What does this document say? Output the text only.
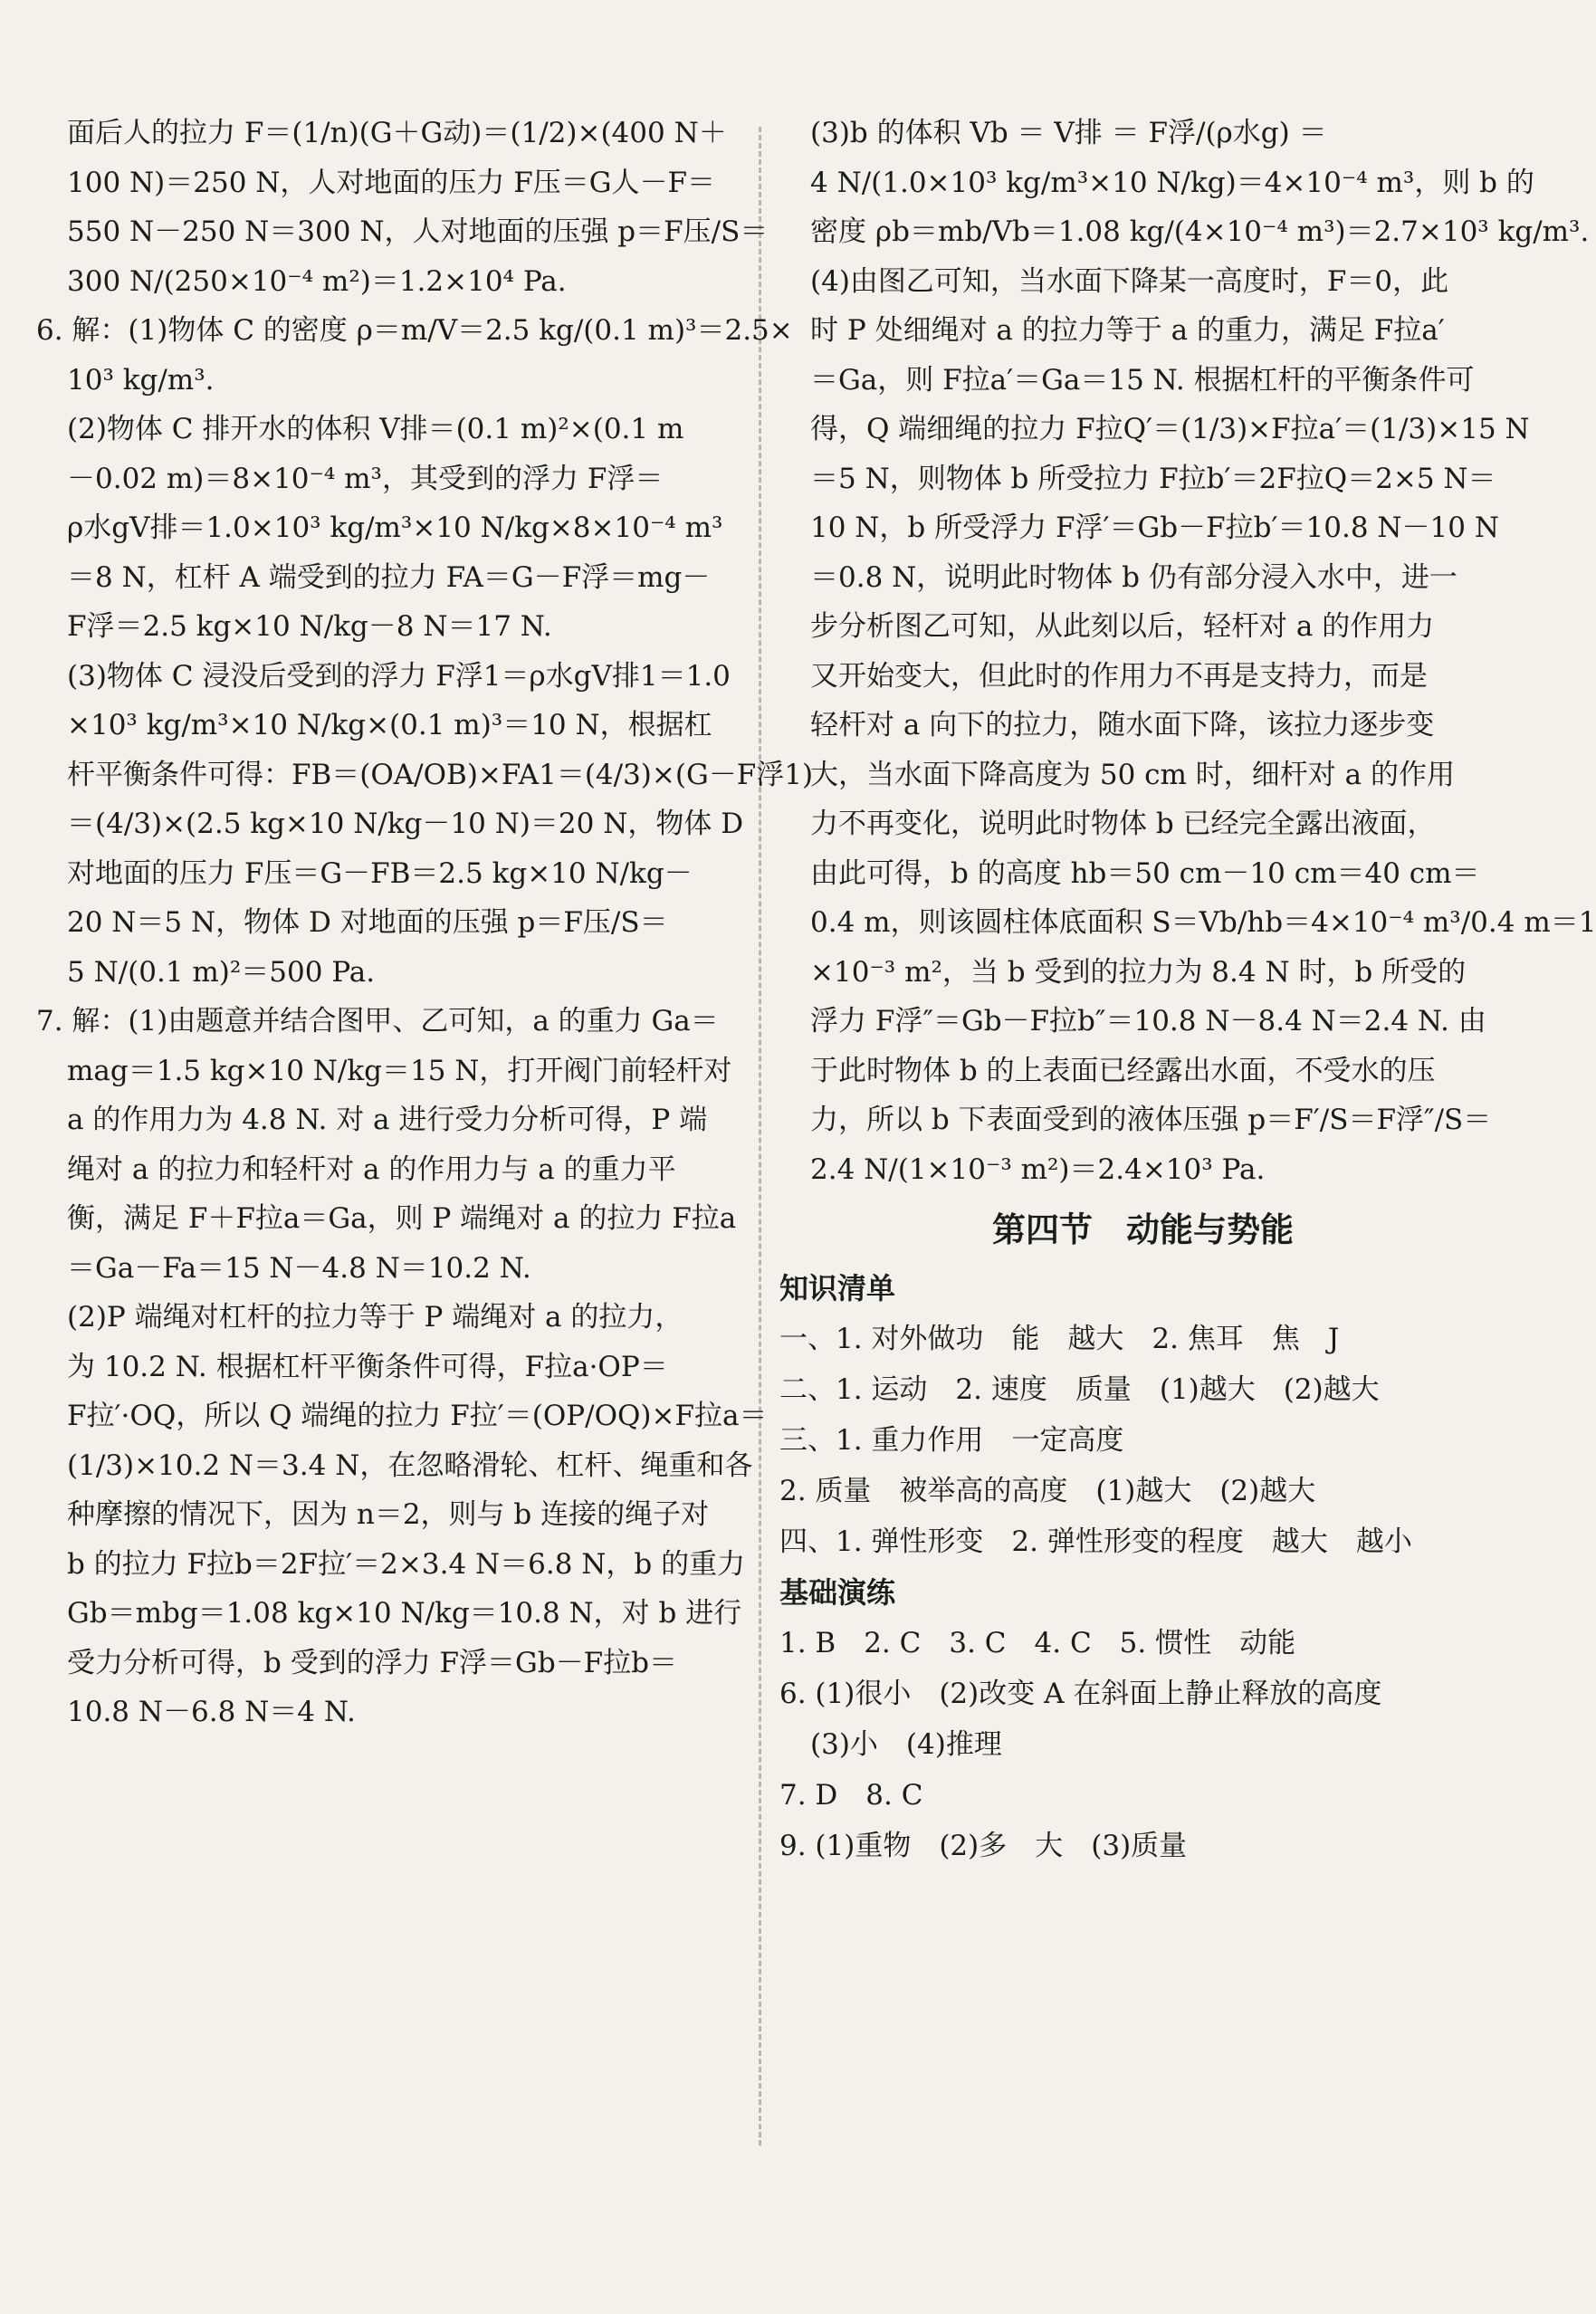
面后人的拉力 F＝(1/n)(G＋G动)＝(1/2)×(400 N＋

100 N)＝250 N，人对地面的压力 F压＝G人－F＝

550 N－250 N＝300 N，人对地面的压强 p＝F压/S＝

300 N/(250×10⁻⁴ m²)＝1.2×10⁴ Pa.

6. 解：(1)物体 C 的密度 ρ＝m/V＝2.5 kg/(0.1 m)³＝2.5×

10³ kg/m³.

(2)物体 C 排开水的体积 V排＝(0.1 m)²×(0.1 m

－0.02 m)＝8×10⁻⁴ m³，其受到的浮力 F浮＝

ρ水gV排＝1.0×10³ kg/m³×10 N/kg×8×10⁻⁴ m³

＝8 N，杠杆 A 端受到的拉力 FA＝G－F浮＝mg－

F浮＝2.5 kg×10 N/kg－8 N＝17 N.

(3)物体 C 浸没后受到的浮力 F浮1＝ρ水gV排1＝1.0

×10³ kg/m³×10 N/kg×(0.1 m)³＝10 N，根据杠

杆平衡条件可得：FB＝(OA/OB)×FA1＝(4/3)×(G－F浮1)

＝(4/3)×(2.5 kg×10 N/kg－10 N)＝20 N，物体 D

对地面的压力 F压＝G－FB＝2.5 kg×10 N/kg－

20 N＝5 N，物体 D 对地面的压强 p＝F压/S＝

5 N/(0.1 m)²＝500 Pa.

7. 解：(1)由题意并结合图甲、乙可知，a 的重力 Ga＝

mag＝1.5 kg×10 N/kg＝15 N，打开阀门前轻杆对

a 的作用力为 4.8 N. 对 a 进行受力分析可得，P 端

绳对 a 的拉力和轻杆对 a 的作用力与 a 的重力平

衡，满足 F＋F拉a＝Ga，则 P 端绳对 a 的拉力 F拉a

＝Ga－Fa＝15 N－4.8 N＝10.2 N.

(2)P 端绳对杠杆的拉力等于 P 端绳对 a 的拉力，

为 10.2 N. 根据杠杆平衡条件可得，F拉a·OP＝

F拉′·OQ，所以 Q 端绳的拉力 F拉′＝(OP/OQ)×F拉a＝

(1/3)×10.2 N＝3.4 N，在忽略滑轮、杠杆、绳重和各

种摩擦的情况下，因为 n＝2，则与 b 连接的绳子对

b 的拉力 F拉b＝2F拉′＝2×3.4 N＝6.8 N，b 的重力

Gb＝mbg＝1.08 kg×10 N/kg＝10.8 N，对 b 进行

受力分析可得，b 受到的浮力 F浮＝Gb－F拉b＝

10.8 N－6.8 N＝4 N.

(3)b 的体积 Vb ＝ V排 ＝ F浮/(ρ水g) ＝

4 N/(1.0×10³ kg/m³×10 N/kg)＝4×10⁻⁴ m³，则 b 的

密度 ρb＝mb/Vb＝1.08 kg/(4×10⁻⁴ m³)＝2.7×10³ kg/m³.

(4)由图乙可知，当水面下降某一高度时，F＝0，此

时 P 处细绳对 a 的拉力等于 a 的重力，满足 F拉a′

＝Ga，则 F拉a′＝Ga＝15 N. 根据杠杆的平衡条件可

得，Q 端细绳的拉力 F拉Q′＝(1/3)×F拉a′＝(1/3)×15 N

＝5 N，则物体 b 所受拉力 F拉b′＝2F拉Q＝2×5 N＝

10 N，b 所受浮力 F浮′＝Gb－F拉b′＝10.8 N－10 N

＝0.8 N，说明此时物体 b 仍有部分浸入水中，进一

步分析图乙可知，从此刻以后，轻杆对 a 的作用力

又开始变大，但此时的作用力不再是支持力，而是

轻杆对 a 向下的拉力，随水面下降，该拉力逐步变

大，当水面下降高度为 50 cm 时，细杆对 a 的作用

力不再变化，说明此时物体 b 已经完全露出液面，

由此可得，b 的高度 hb＝50 cm－10 cm＝40 cm＝

0.4 m，则该圆柱体底面积 S＝Vb/hb＝4×10⁻⁴ m³/0.4 m＝1

×10⁻³ m²，当 b 受到的拉力为 8.4 N 时，b 所受的

浮力 F浮″＝Gb－F拉b″＝10.8 N－8.4 N＝2.4 N. 由

于此时物体 b 的上表面已经露出水面，不受水的压

力，所以 b 下表面受到的液体压强 p＝F′/S＝F浮″/S＝

2.4 N/(1×10⁻³ m²)＝2.4×10³ Pa.

第四节　动能与势能
知识清单
一、1. 对外做功　能　越大　2. 焦耳　焦　J
二、1. 运动　2. 速度　质量　(1)越大　(2)越大
三、1. 重力作用　一定高度
2. 质量　被举高的高度　(1)越大　(2)越大
四、1. 弹性形变　2. 弹性形变的程度　越大　越小
基础演练
1. B　2. C　3. C　4. C　5. 惯性　动能
6. (1)很小　(2)改变 A 在斜面上静止释放的高度
(3)小　(4)推理
7. D　8. C
9. (1)重物　(2)多　大　(3)质量
